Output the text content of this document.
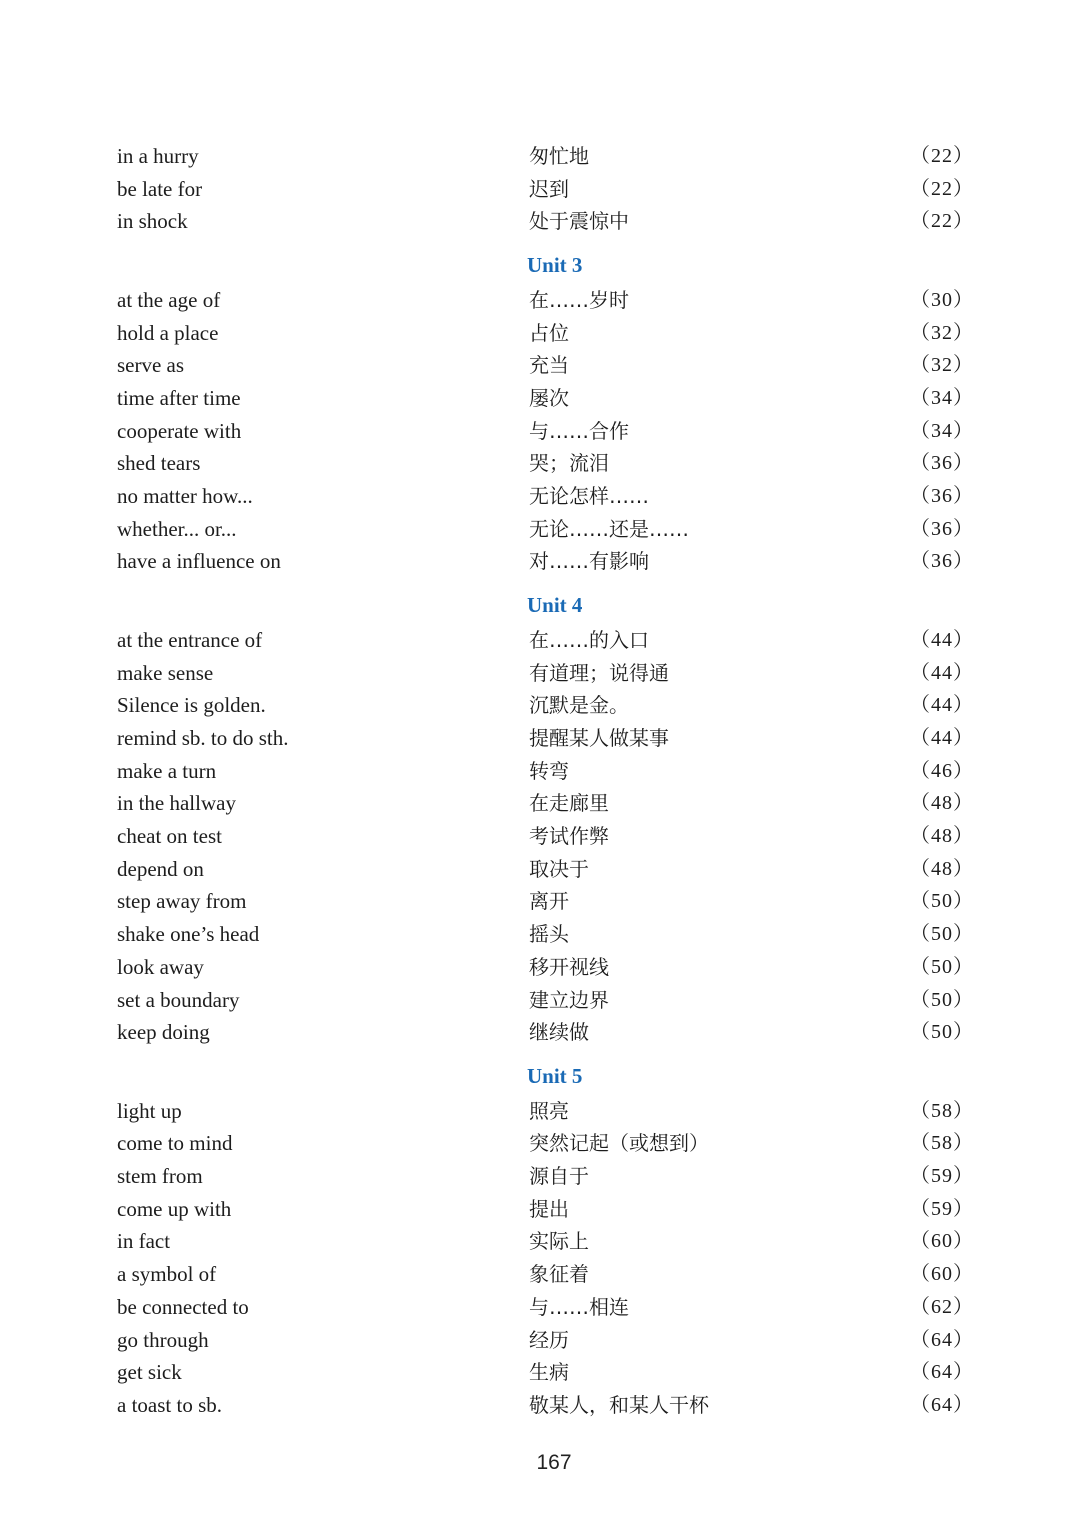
in a hurry	匆忙地	（22）
be late for	迟到	（22）
in shock	处于震惊中	（22）
Unit 3
at the age of	在……岁时	（30）
hold a place	占位	（32）
serve as	充当	（32）
time after time	屡次	（34）
cooperate with	与……合作	（34）
shed tears	哭；流泪	（36）
no matter how...	无论怎样……	（36）
whether... or...	无论……还是……	（36）
have a influence on	对……有影响	（36）
Unit 4
at the entrance of	在……的入口	（44）
make sense	有道理；说得通	（44）
Silence is golden.	沉默是金。	（44）
remind sb. to do sth.	提醒某人做某事	（44）
make a turn	转弯	（46）
in the hallway	在走廊里	（48）
cheat on test	考试作弊	（48）
depend on	取决于	（48）
step away from	离开	（50）
shake one’s head	摇头	（50）
look away	移开视线	（50）
set a boundary	建立边界	（50）
keep doing	继续做	（50）
Unit 5
light up	照亮	（58）
come to mind	突然记起（或想到）	（58）
stem from	源自于	（59）
come up with	提出	（59）
in fact	实际上	（60）
a symbol of	象征着	（60）
be connected to	与……相连	（62）
go through	经历	（64）
get sick	生病	（64）
a toast to sb.	敬某人，和某人干杯	（64）
167
